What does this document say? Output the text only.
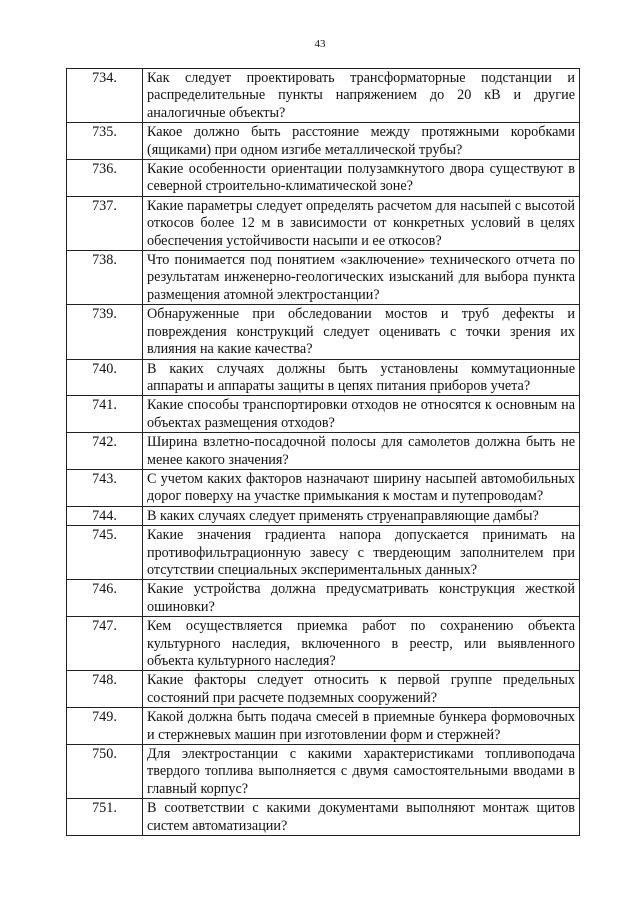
43
734.	Как следует проектировать трансформаторные подстанции и распределительные пункты напряжением до 20 кВ и другие аналогичные объекты?
735.	Какое должно быть расстояние между протяжными коробками (ящиками) при одном изгибе металлической трубы?
736.	Какие особенности ориентации полузамкнутого двора существуют в северной строительно-климатической зоне?
737.	Какие параметры следует определять расчетом для насыпей с высотой откосов более 12 м в зависимости от конкретных условий в целях обеспечения устойчивости насыпи и ее откосов?
738.	Что понимается под понятием «заключение» технического отчета по результатам инженерно-геологических изысканий для выбора пункта размещения атомной электростанции?
739.	Обнаруженные при обследовании мостов и труб дефекты и повреждения конструкций следует оценивать с точки зрения их влияния на какие качества?
740.	В каких случаях должны быть установлены коммутационные аппараты и аппараты защиты в цепях питания приборов учета?
741.	Какие способы транспортировки отходов не относятся к основным на объектах размещения отходов?
742.	Ширина взлетно-посадочной полосы для самолетов должна быть не менее какого значения?
743.	С учетом каких факторов назначают ширину насыпей автомобильных дорог поверху на участке примыкания к мостам и путепроводам?
744.	В каких случаях следует применять струенаправляющие дамбы?
745.	Какие значения градиента напора допускается принимать на противофильтрационную завесу с твердеющим заполнителем при отсутствии специальных экспериментальных данных?
746.	Какие устройства должна предусматривать конструкция жесткой ошиновки?
747.	Кем осуществляется приемка работ по сохранению объекта культурного наследия, включенного в реестр, или выявленного объекта культурного наследия?
748.	Какие факторы следует относить к первой группе предельных состояний при расчете подземных сооружений?
749.	Какой должна быть подача смесей в приемные бункера формовочных и стержневых машин при изготовлении форм и стержней?
750.	Для электростанции с какими характеристиками топливоподача твердого топлива выполняется с двумя самостоятельными вводами в главный корпус?
751.	В соответствии с какими документами выполняют монтаж щитов систем автоматизации?
